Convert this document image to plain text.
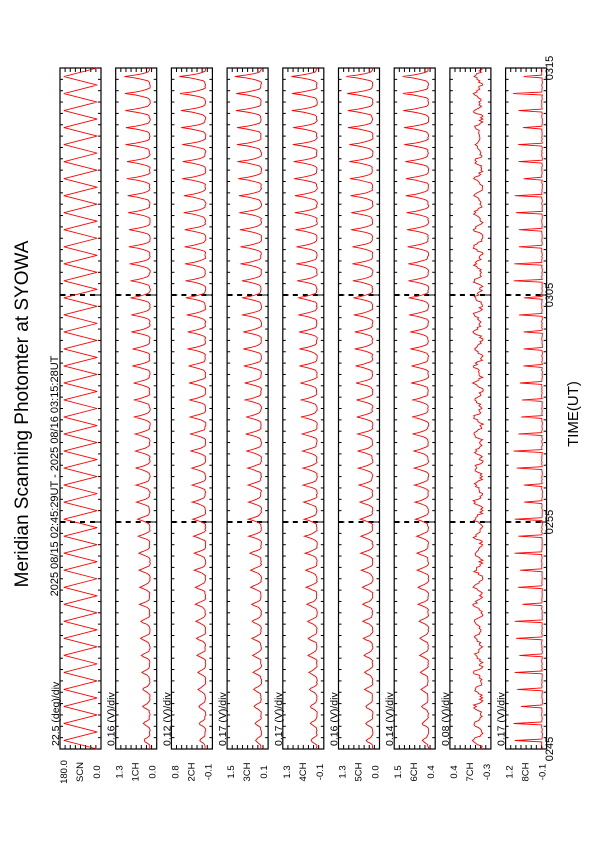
Meridian Scanning Photomter at SYOWA 2025 08/15 02:45:29UT - 2025 08/16 03:15:28UT	TIME(UT)
180.0 SCN 0.0
22.5 (deg)/div
1.3 1CH 0.0
0.16 (V)/div
0.8 2CH -0.1
0.12 (V)/div
1.5 3CH 0.1
0.17 (V)/div
1.3 4CH -0.1
0.17 (V)/div
1.3 5CH 0.0
0.16 (V)/div
1.5 6CH 0.4
0.14 (V)/div
0.4 7CH -0.3
0.08 (V)/div
1.2 8CH -0.1
0.17 (V)/div
0245
0255
0305
0315
